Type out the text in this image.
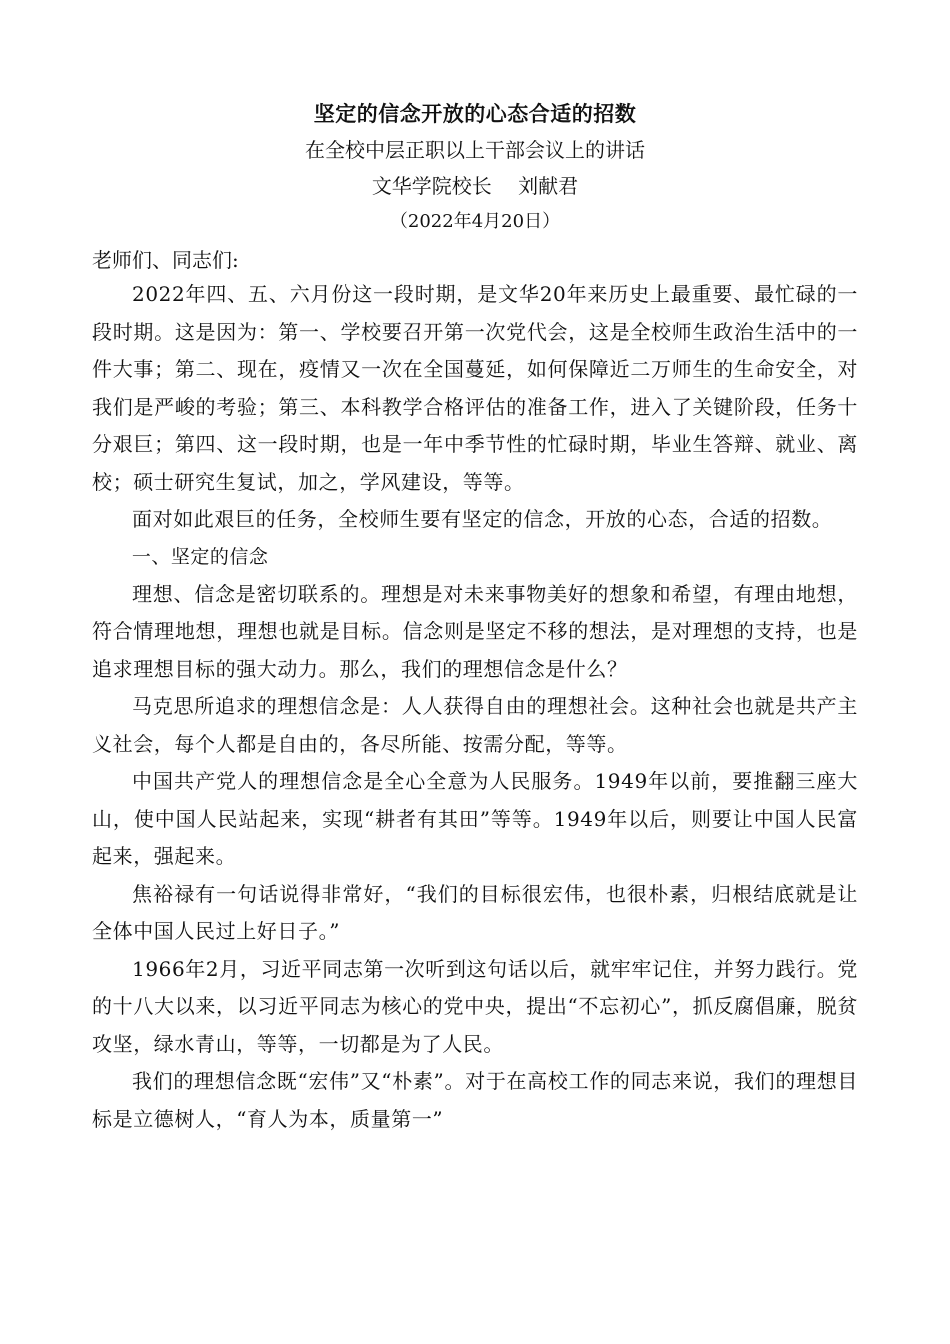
坚定的信念开放的心态合适的招数

在全校中层正职以上干部会议上的讲话

文华学院校长　 刘献君

（2022年4月20日）

老师们、同志们:

2022年四、五、六月份这一段时期，是文华20年来历史上最重要、最忙碌的一段时期。这是因为：第一、学校要召开第一次党代会，这是全校师生政治生活中的一件大事；第二、现在，疫情又一次在全国蔓延，如何保障近二万师生的生命安全，对我们是严峻的考验；第三、本科教学合格评估的准备工作，进入了关键阶段，任务十分艰巨；第四、这一段时期，也是一年中季节性的忙碌时期，毕业生答辩、就业、离校；硕士研究生复试，加之，学风建设，等等。

面对如此艰巨的任务，全校师生要有坚定的信念，开放的心态，合适的招数。

一、坚定的信念

理想、信念是密切联系的。理想是对未来事物美好的想象和希望，有理由地想，符合情理地想，理想也就是目标。信念则是坚定不移的想法，是对理想的支持，也是追求理想目标的强大动力。那么，我们的理想信念是什么？

马克思所追求的理想信念是：人人获得自由的理想社会。这种社会也就是共产主义社会，每个人都是自由的，各尽所能、按需分配，等等。

中国共产党人的理想信念是全心全意为人民服务。1949年以前，要推翻三座大山，使中国人民站起来，实现“耕者有其田”等等。1949年以后，则要让中国人民富起来，强起来。

焦裕禄有一句话说得非常好，“我们的目标很宏伟，也很朴素，归根结底就是让全体中国人民过上好日子。”

1966年2月，习近平同志第一次听到这句话以后，就牢牢记住，并努力践行。党的十八大以来，以习近平同志为核心的党中央，提出“不忘初心”，抓反腐倡廉，脱贫攻坚，绿水青山，等等，一切都是为了人民。

我们的理想信念既“宏伟”又“朴素”。对于在高校工作的同志来说，我们的理想目标是立德树人，“育人为本，质量第一”
